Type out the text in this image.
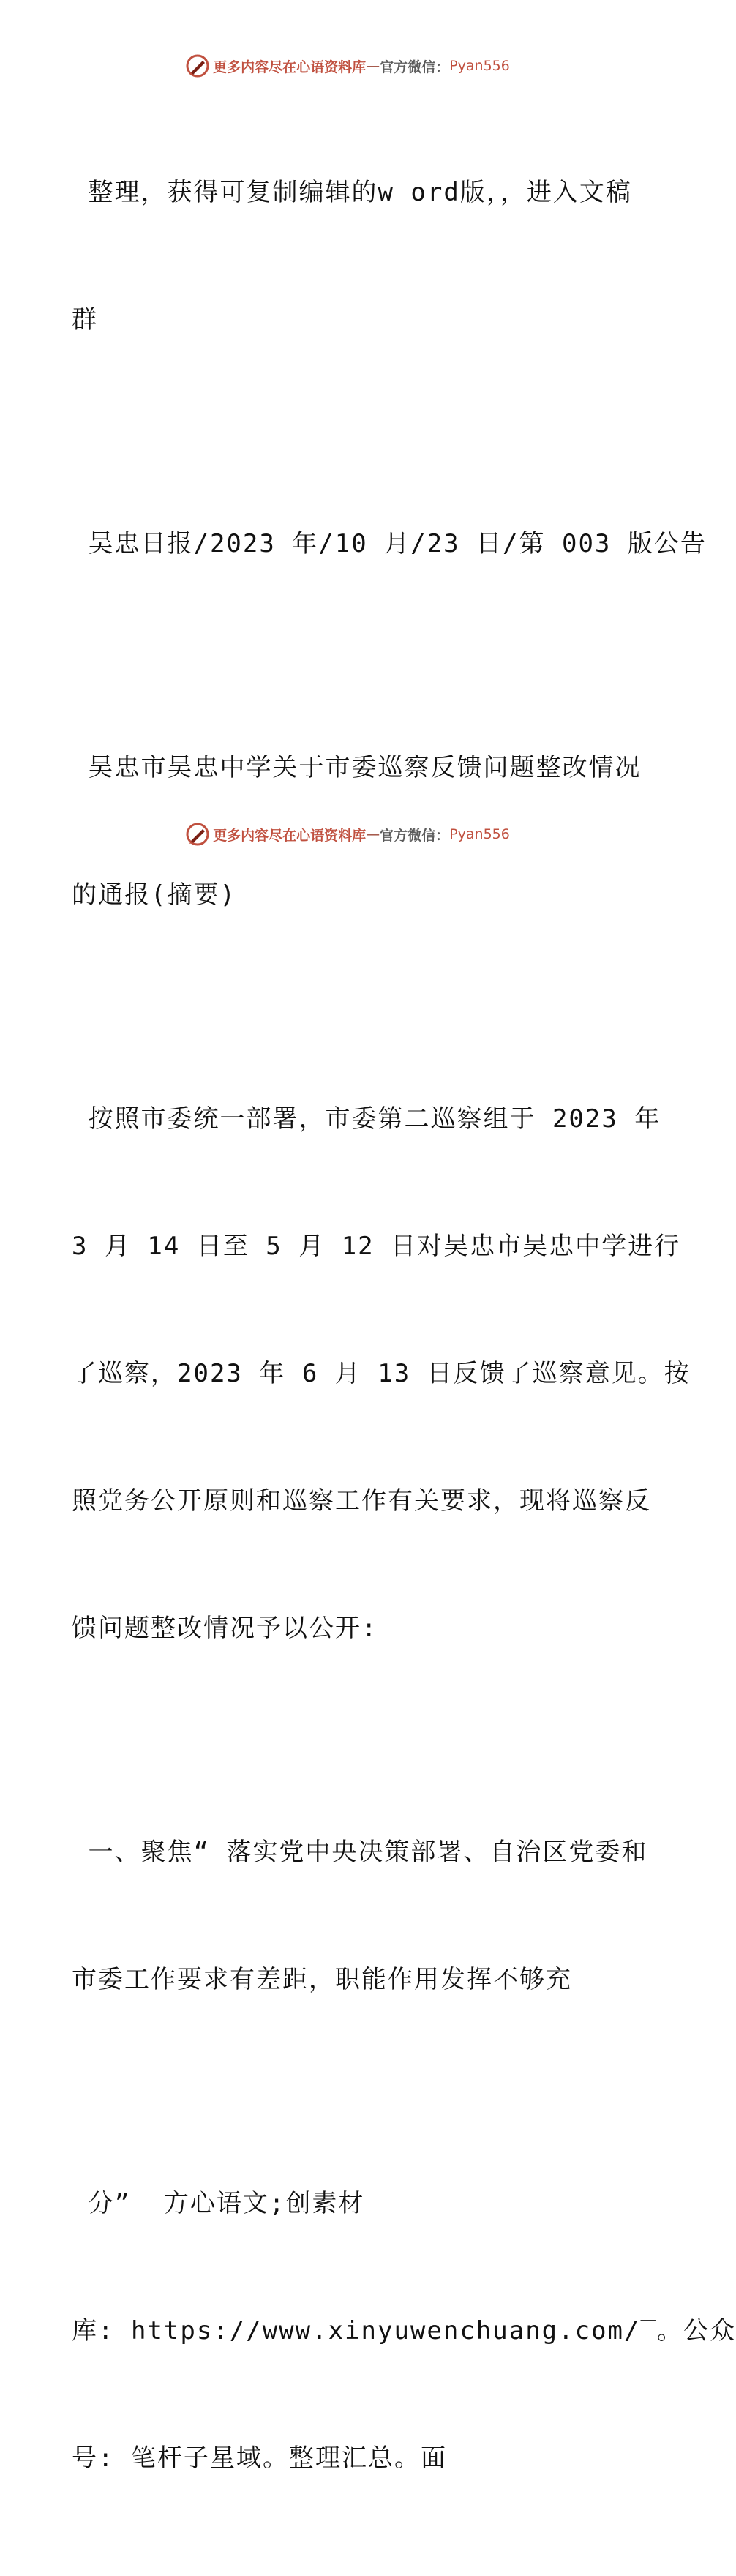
更多内容尽在心语资料库 — 官方微信： Pyan556

整理，获得可复制编辑的w ord版，，进入文稿

群

吴忠日报/2023 年/10 月/23 日/第 003 版公告

吴忠市吴忠中学关于市委巡察反馈问题整改情况

的通报(摘要)

按照市委统一部署，市委第二巡察组于 2023 年

3 月 14 日至 5 月 12 日对吴忠市吴忠中学进行

了巡察，2023 年 6 月 13 日反馈了巡察意见。按

照党务公开原则和巡察工作有关要求，现将巡察反

馈问题整改情况予以公开:

一、聚焦“ 落实党中央决策部署、自治区党委和

市委工作要求有差距，职能作用发挥不够充

分”  方心语文;创素材

库: https://www.xinyuwenchuang.com/‾。公众

号: 笔杆子星域。整理汇总。面

更多内容尽在心语资料库 — 官方微信： Pyan556
